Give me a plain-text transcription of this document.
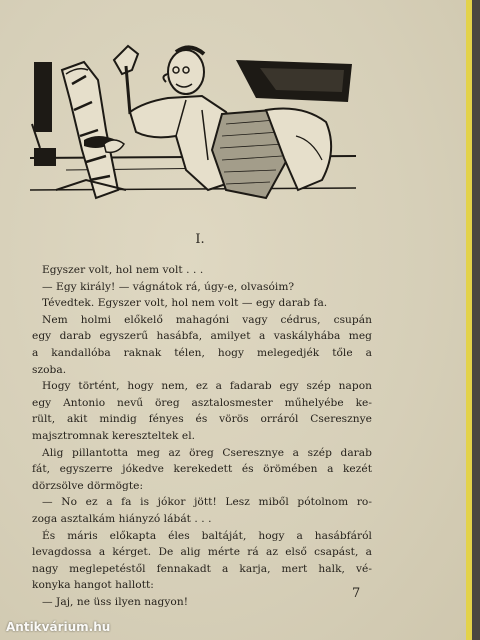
I.
Egyszer volt, hol nem volt . . .
— Egy király! — vágnátok rá, úgy-e, olvasóim?
Tévedtek. Egyszer volt, hol nem volt — egy darab fa.
Nem holmi előkelő mahagóni vagy cédrus, csupán
egy darab egyszerű hasábfa, amilyet a vaskályhába meg
a kandallóba raknak télen, hogy melegedjék tőle a
szoba.
Hogy történt, hogy nem, ez a fadarab egy szép napon
egy Antonio nevű öreg asztalosmester műhelyébe ke-
rült, akit mindig fényes és vörös orráról Cseresznye
majsztromnak kereszteltek el.
Alig pillantotta meg az öreg Cseresznye a szép darab
fát, egyszerre jókedve kerekedett és örömében a kezét
dörzsölve dörmögte:
— No ez a fa is jókor jött! Lesz miből pótolnom ro-
zoga asztalkám hiányzó lábát . . .
És máris előkapta éles baltáját, hogy a hasábfáról
levagdossa a kérget. De alig mérte rá az első csapást, a
nagy meglepetéstől fennakadt a karja, mert halk, vé-
konyka hangot hallott:
— Jaj, ne üss ilyen nagyon!
7
Antikvárium.hu
